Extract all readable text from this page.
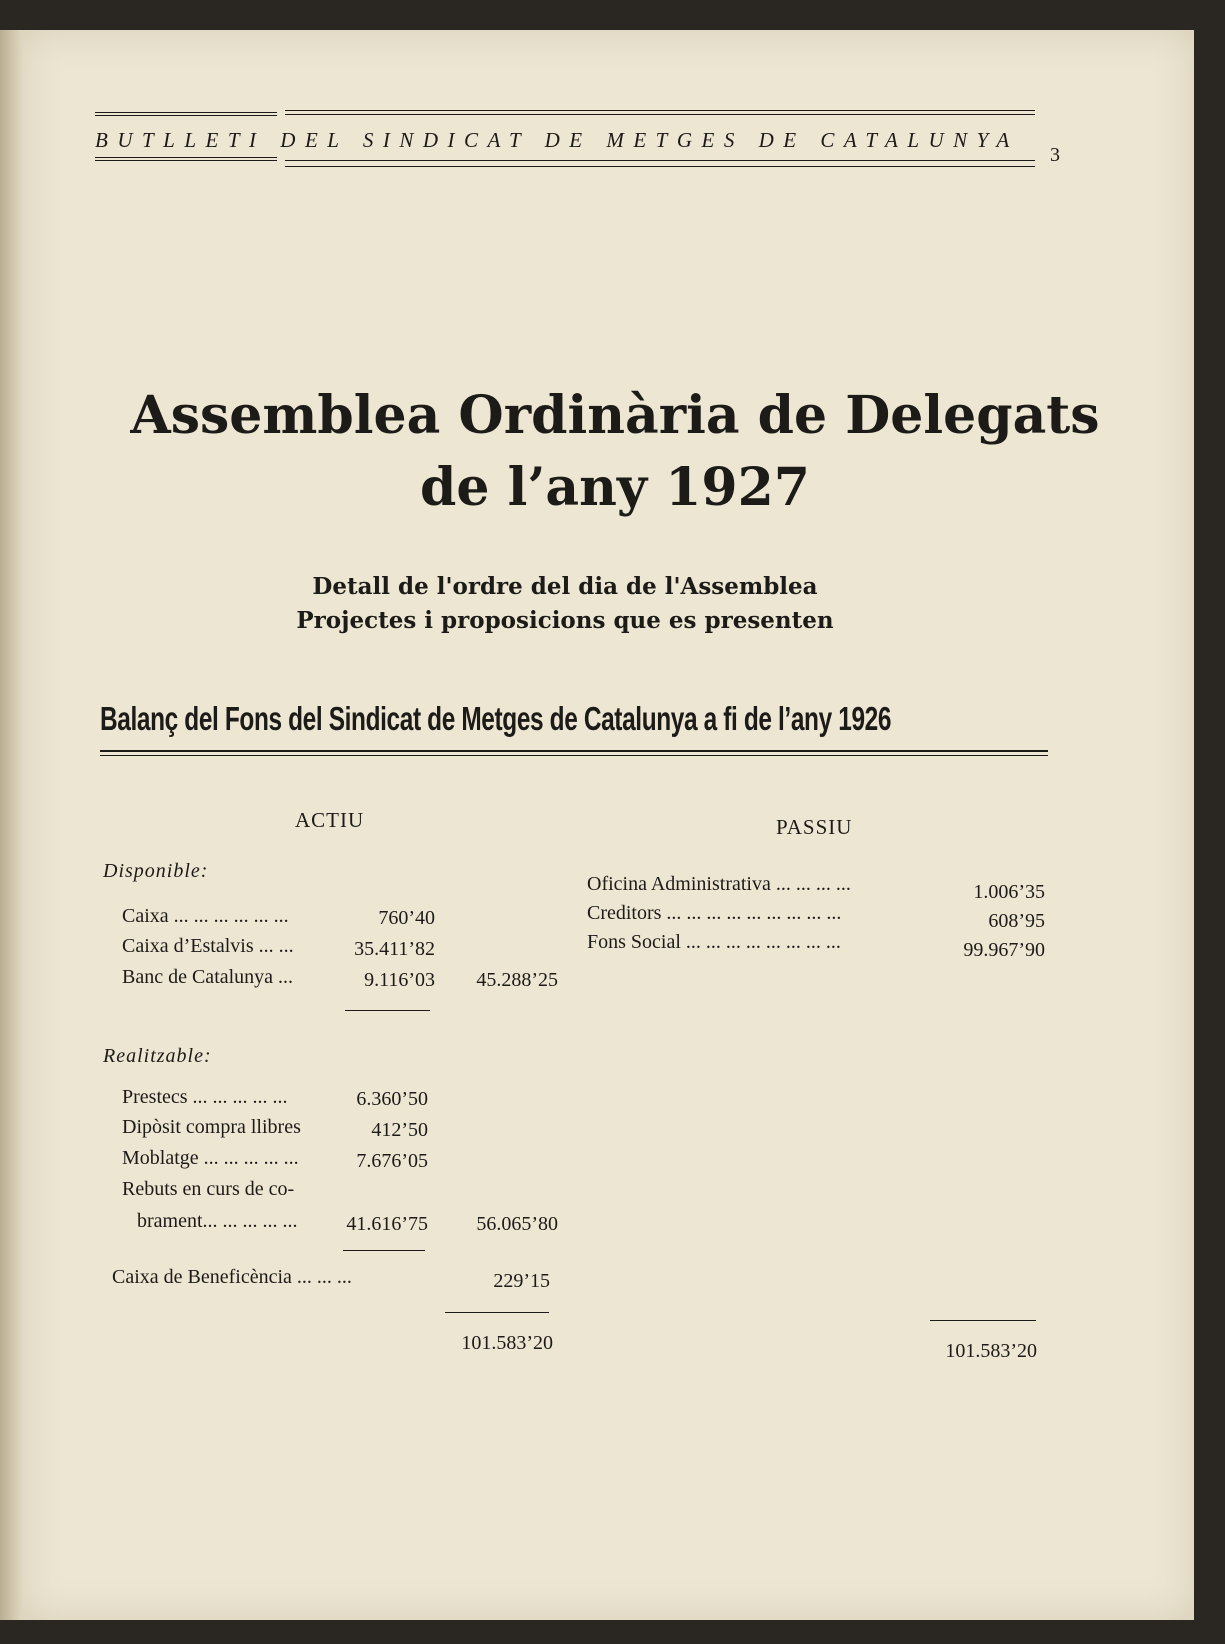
BUTLLETI DEL SINDICAT DE METGES DE CATALUNYA
3
Assemblea Ordinària de Delegats
de l’any 1927
Detall de l'ordre del dia de l'Assemblea
Projectes i proposicions que es presenten
Balanç del Fons del Sindicat de Metges de Catalunya a fi de l’any 1926
ACTIU
Disponible:
Caixa ... ... ... ... ... ...	760’40
Caixa d’Estalvis ... ...	35.411’82
Banc de Catalunya ...	9.116’03	45.288’25
Realitzable:
Prestecs ... ... ... ... ...	6.360’50
Dipòsit compra llibres	412’50
Moblatge ... ... ... ... ...	7.676’05
Rebuts en curs de co-
brament... ... ... ... ...	41.616’75	56.065’80
Caixa de Beneficència ... ... ...	229’15
101.583’20
PASSIU
Oficina Administrativa ... ... ... ...	1.006’35
Creditors ... ... ... ... ... ... ... ... ...	608’95
Fons Social ... ... ... ... ... ... ... ...	99.967’90
101.583’20
